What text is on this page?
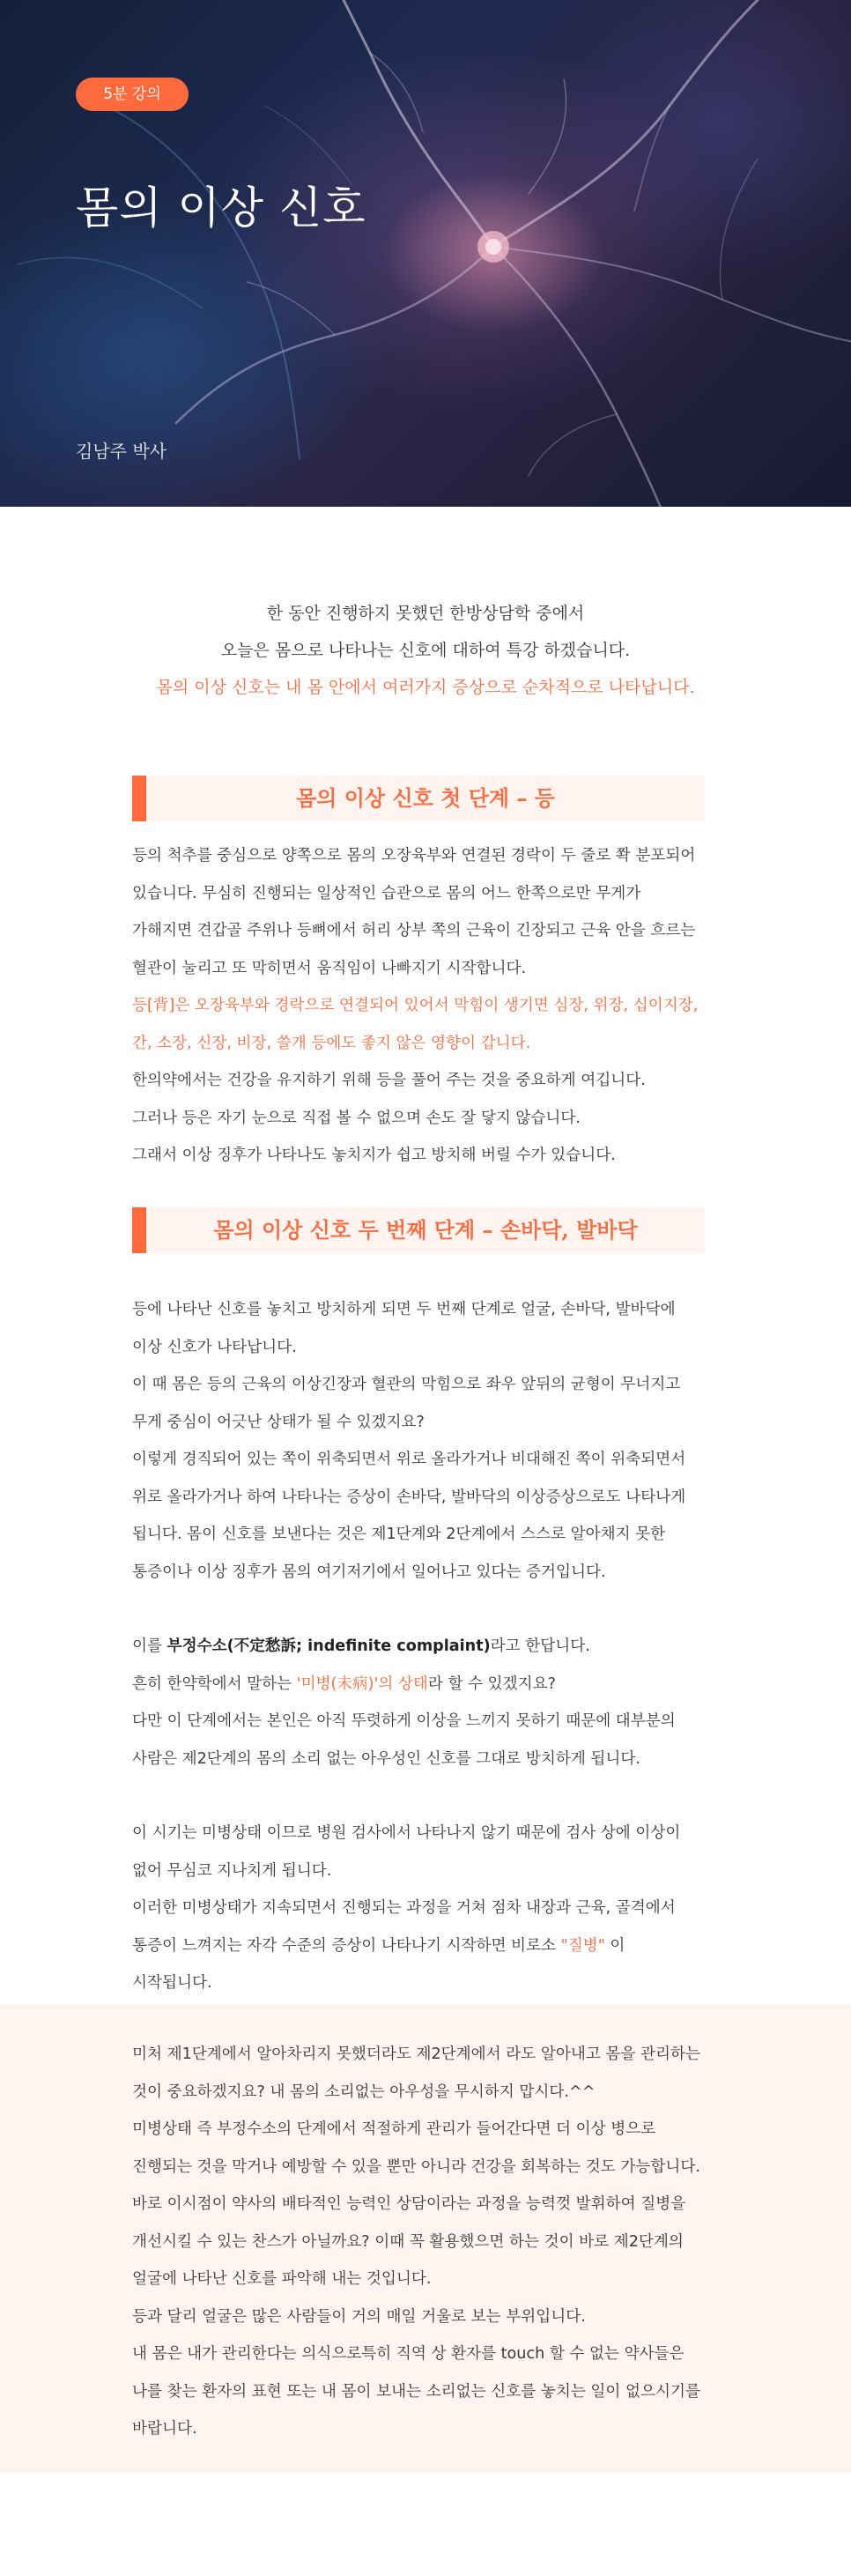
5분 강의
몸의 이상 신호
김남주 박사

한 동안 진행하지 못했던 한방상담학 중에서

오늘은 몸으로 나타나는 신호에 대하여 특강 하겠습니다.

몸의 이상 신호는 내 몸 안에서 여러가지 증상으로 순차적으로 나타납니다.

몸의 이상 신호 첫 단계 – 등

등의 척추를 중심으로 양쪽으로 몸의 오장육부와 연결된 경락이 두 줄로 쫙 분포되어 있습니다. 무심히 진행되는 일상적인 습관으로 몸의 어느 한쪽으로만 무게가 가해지면 견갑골 주위나 등뼈에서 허리 상부 쪽의 근육이 긴장되고 근육 안을 흐르는 혈관이 눌리고 또 막히면서 움직임이 나빠지기 시작합니다.

등[背]은 오장육부와 경락으로 연결되어 있어서 막힘이 생기면 심장, 위장, 십이지장, 간, 소장, 신장, 비장, 쓸개 등에도 좋지 않은 영향이 갑니다.

한의약에서는 건강을 유지하기 위해 등을 풀어 주는 것을 중요하게 여깁니다.

그러나 등은 자기 눈으로 직접 볼 수 없으며 손도 잘 닿지 않습니다.

그래서 이상 징후가 나타나도 놓치지가 쉽고 방치해 버릴 수가 있습니다.

몸의 이상 신호 두 번째 단계 – 손바닥, 발바닥

등에 나타난 신호를 놓치고 방치하게 되면 두 번째 단계로 얼굴, 손바닥, 발바닥에 이상 신호가 나타납니다.

이 때 몸은 등의 근육의 이상긴장과 혈관의 막힘으로 좌우 앞뒤의 균형이 무너지고 무게 중심이 어긋난 상태가 될 수 있겠지요?

이렇게 경직되어 있는 쪽이 위축되면서 위로 올라가거나 비대해진 쪽이 위축되면서 위로 올라가거나 하여 나타나는 증상이 손바닥, 발바닥의 이상증상으로도 나타나게 됩니다. 몸이 신호를 보낸다는 것은 제1단계와 2단계에서 스스로 알아채지 못한 통증이나 이상 징후가 몸의 여기저기에서 일어나고 있다는 증거입니다.

이를 부정수소(不定愁訴; indefinite complaint)라고 한답니다.

흔히 한약학에서 말하는 '미병(未病)'의 상태라 할 수 있겠지요?

다만 이 단계에서는 본인은 아직 뚜렷하게 이상을 느끼지 못하기 때문에 대부분의 사람은 제2단계의 몸의 소리 없는 아우성인 신호를 그대로 방치하게 됩니다.

이 시기는 미병상태 이므로 병원 검사에서 나타나지 않기 때문에 검사 상에 이상이 없어 무심코 지나치게 됩니다.

이러한 미병상태가 지속되면서 진행되는 과정을 거쳐 점차 내장과 근육, 골격에서 통증이 느껴지는 자각 수준의 증상이 나타나기 시작하면 비로소 "질병" 이 시작됩니다.

미처 제1단계에서 알아차리지 못했더라도 제2단계에서 라도 알아내고 몸을 관리하는 것이 중요하겠지요? 내 몸의 소리없는 아우성을 무시하지 맙시다.^^

미병상태 즉 부정수소의 단계에서 적절하게 관리가 들어간다면 더 이상 병으로 진행되는 것을 막거나 예방할 수 있을 뿐만 아니라 건강을 회복하는 것도 가능합니다.

바로 이시점이 약사의 배타적인 능력인 상담이라는 과정을 능력껏 발휘하여 질병을 개선시킬 수 있는 찬스가 아닐까요? 이때 꼭 활용했으면 하는 것이 바로 제2단계의 얼굴에 나타난 신호를 파악해 내는 것입니다.

등과 달리 얼굴은 많은 사람들이 거의 매일 거울로 보는 부위입니다.

내 몸은 내가 관리한다는 의식으로특히 직역 상 환자를 touch 할 수 없는 약사들은 나를 찾는 환자의 표현 또는 내 몸이 보내는 소리없는 신호를 놓치는 일이 없으시기를 바랍니다.
